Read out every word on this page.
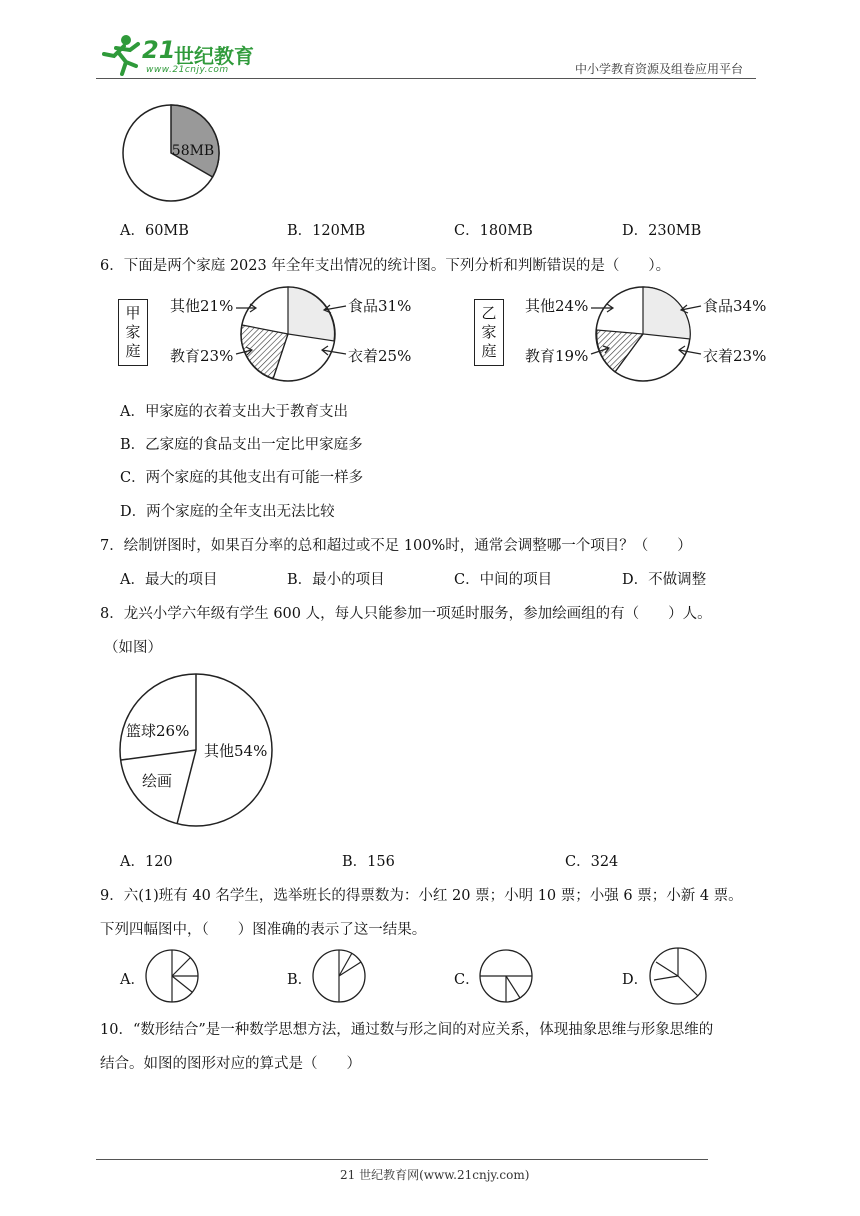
21
世纪教育
www.21cnjy.com	中小学教育资源及组卷应用平台
58MB
A．60MB	B．120MB	C．180MB	D．230MB
6．下面是两个家庭 2023 年全年支出情况的统计图。下列分析和判断错误的是（　　）。
甲
家
庭
其他21%
教育23%
食品31%
衣着25%
乙
家
庭
其他24%
教育19%
食品34%
衣着23%
A．甲家庭的衣着支出大于教育支出
B．乙家庭的食品支出一定比甲家庭多
C．两个家庭的其他支出有可能一样多
D．两个家庭的全年支出无法比较
7．绘制饼图时，如果百分率的总和超过或不足 100%时，通常会调整哪一个项目？（　　）
A．最大的项目	B．最小的项目	C．中间的项目	D．不做调整
8．龙兴小学六年级有学生 600 人，每人只能参加一项延时服务，参加绘画组的有（　　）人。
（如图）
篮球26%
其他54%
绘画
A．120	B．156	C．324
9．六(1)班有 40 名学生，选举班长的得票数为：小红 20 票；小明 10 票；小强 6 票；小新 4 票。
下列四幅图中，（　　）图准确的表示了这一结果。
A．	B．	C．	D．
10．“数形结合”是一种数学思想方法，通过数与形之间的对应关系，体现抽象思维与形象思维的
结合。如图的图形对应的算式是（　　）
21 世纪教育网(www.21cnjy.com)
